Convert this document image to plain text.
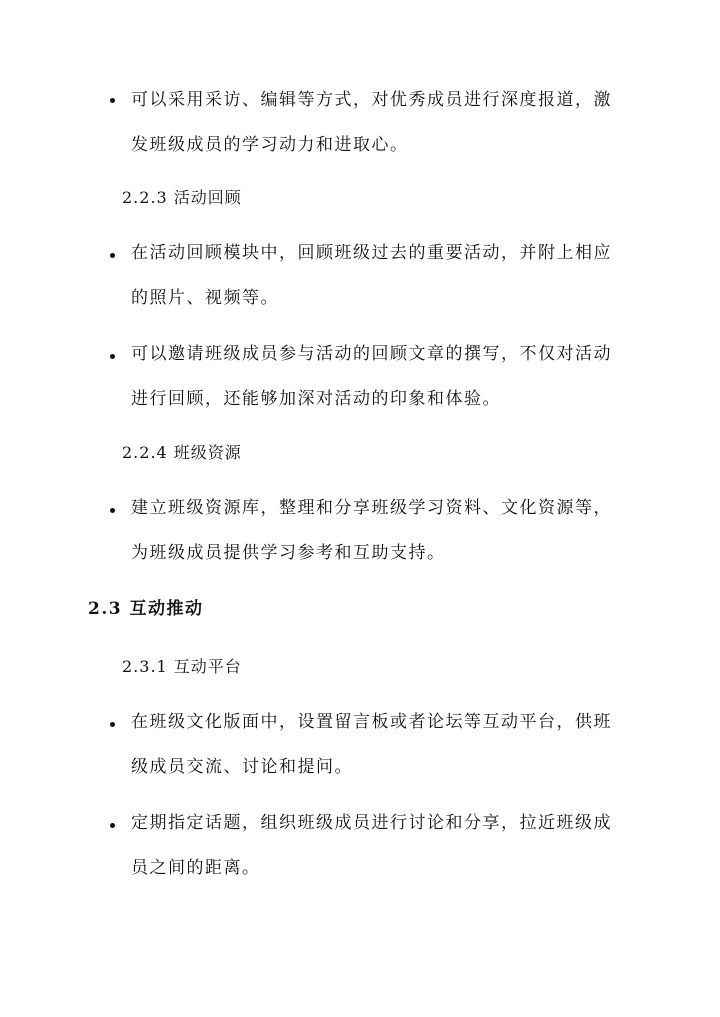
可以采用采访、编辑等方式，对优秀成员进行深度报道，激
发班级成员的学习动力和进取心。
2.2.3 活动回顾
在活动回顾模块中，回顾班级过去的重要活动，并附上相应
的照片、视频等。
可以邀请班级成员参与活动的回顾文章的撰写，不仅对活动
进行回顾，还能够加深对活动的印象和体验。
2.2.4 班级资源
建立班级资源库，整理和分享班级学习资料、文化资源等，
为班级成员提供学习参考和互助支持。
2.3 互动推动
2.3.1 互动平台
在班级文化版面中，设置留言板或者论坛等互动平台，供班
级成员交流、讨论和提问。
定期指定话题，组织班级成员进行讨论和分享，拉近班级成
员之间的距离。
